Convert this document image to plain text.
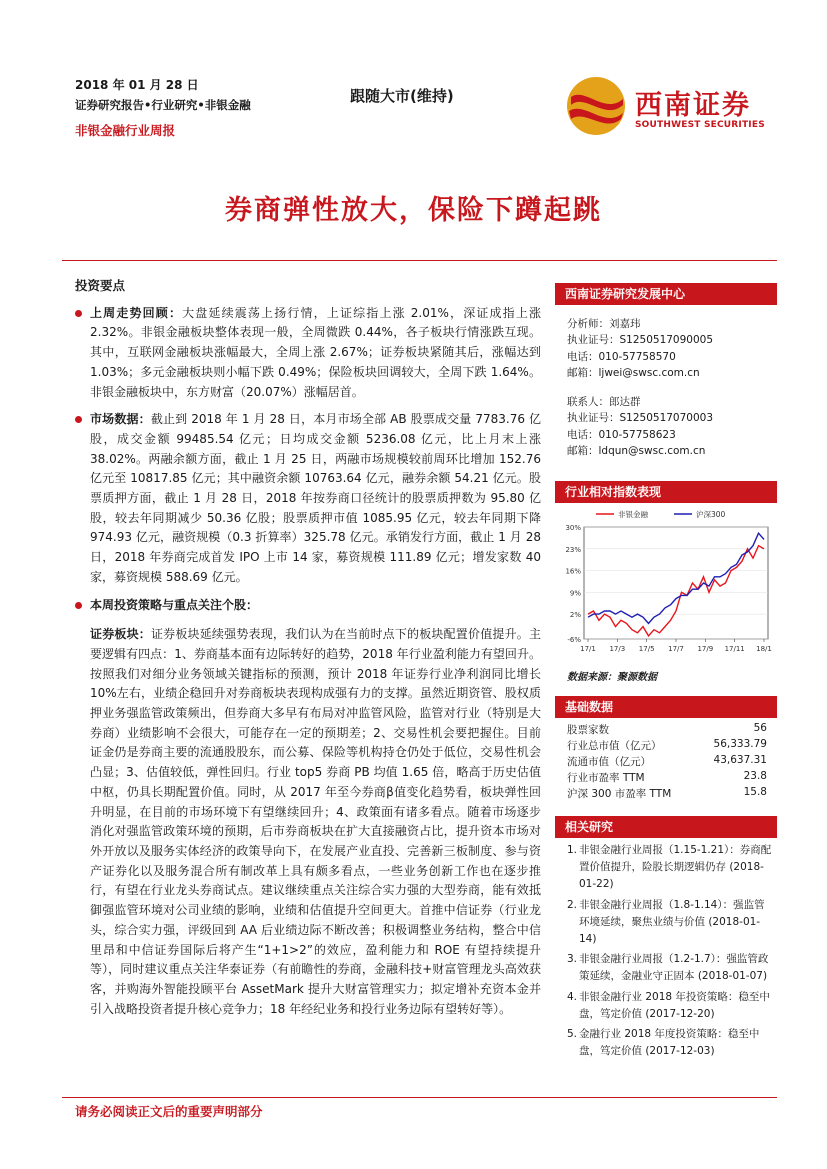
2018 年 01 月 28 日
证券研究报告•行业研究•非银金融
非银金融行业周报
跟随大市(维持)	西南证券
SOUTHWEST SECURITIES
券商弹性放大，保险下蹲起跳
投资要点
上周走势回顾：大盘延续震荡上扬行情，上证综指上涨 2.01%，深证成指上涨 2.32%。非银金融板块整体表现一般，全周微跌 0.44%，各子板块行情涨跌互现。其中，互联网金融板块涨幅最大，全周上涨 2.67%；证券板块紧随其后，涨幅达到 1.03%；多元金融板块则小幅下跌 0.49%；保险板块回调较大，全周下跌 1.64%。非银金融板块中，东方财富（20.07%）涨幅居首。
市场数据：截止到 2018 年 1 月 28 日，本月市场全部 AB 股票成交量 7783.76 亿股，成交金额 99485.54 亿元；日均成交金额 5236.08 亿元，比上月末上涨 38.02%。两融余额方面，截止 1 月 25 日，两融市场规模较前周环比增加 152.76 亿元至 10817.85 亿元；其中融资余额 10763.64 亿元，融券余额 54.21 亿元。股票质押方面，截止 1 月 28 日，2018 年按券商口径统计的股票质押数为 95.80 亿股，较去年同期减少 50.36 亿股；股票质押市值 1085.95 亿元，较去年同期下降 974.93 亿元，融资规模（0.3 折算率）325.78 亿元。承销发行方面，截止 1 月 28 日，2018 年券商完成首发 IPO 上市 14 家，募资规模 111.89 亿元；增发家数 40 家，募资规模 588.69 亿元。
本周投资策略与重点关注个股：
证券板块：证券板块延续强势表现，我们认为在当前时点下的板块配置价值提升。主要逻辑有四点：1、券商基本面有边际转好的趋势，2018 年行业盈利能力有望回升。按照我们对细分业务领域关键指标的预测，预计 2018 年证券行业净利润同比增长 10%左右，业绩企稳回升对券商板块表现构成强有力的支撑。虽然近期资管、股权质押业务强监管政策频出，但券商大多早有布局对冲监管风险，监管对行业（特别是大券商）业绩影响不会很大，可能存在一定的预期差；2、交易性机会要把握住。目前证金仍是券商主要的流通股股东，而公募、保险等机构持仓仍处于低位，交易性机会凸显；3、估值较低，弹性回归。行业 top5 券商 PB 均值 1.65 倍，略高于历史估值中枢，仍具长期配置价值。同时，从 2017 年至今券商β值变化趋势看，板块弹性回升明显，在目前的市场环境下有望继续回升；4、政策面有诸多看点。随着市场逐步消化对强监管政策环境的预期，后市券商板块在扩大直接融资占比，提升资本市场对外开放以及服务实体经济的政策导向下，在发展产业直投、完善新三板制度、参与资产证券化以及服务混合所有制改革上具有颇多看点，一些业务创新工作也在逐步推行，有望在行业龙头券商试点。建议继续重点关注综合实力强的大型券商，能有效抵御强监管环境对公司业绩的影响，业绩和估值提升空间更大。首推中信证券（行业龙头，综合实力强，评级回到 AA 后业绩边际不断改善；积极调整业务结构，整合中信里昂和中信证券国际后将产生“1+1>2”的效应，盈利能力和 ROE 有望持续提升等），同时建议重点关注华泰证券（有前瞻性的券商，金融科技+财富管理龙头高效获客，并购海外智能投顾平台 AssetMark 提升大财富管理实力；拟定增补充资本金并引入战略投资者提升核心竞争力；18 年经纪业务和投行业务边际有望转好等）。
西南证券研究发展中心
分析师：刘嘉玮
执业证号：S1250517090005
电话：010-57758570
邮箱：ljwei@swsc.com.cn
联系人：郎达群
执业证号：S1250517070003
电话：010-57758623
邮箱：ldqun@swsc.com.cn
行业相对指数表现
30%
23%
16%
9%
2%
-6%
17/1 17/3 17/5 17/7 17/9 17/11 18/1
非银金融	沪深300
数据来源：聚源数据
基础数据
股票家数	56
行业总市值（亿元）	56,333.79
流通市值（亿元）	43,637.31
行业市盈率 TTM	23.8
沪深 300 市盈率 TTM	15.8
相关研究
1. 非银金融行业周报（1.15-1.21）：券商配置价值提升，险股长期逻辑仍存 (2018-01-22)
2. 非银金融行业周报（1.8-1.14）：强监管环境延续，聚焦业绩与价值 (2018-01-14)
3. 非银金融行业周报（1.2-1.7）：强监管政策延续，金融业守正固本 (2018-01-07)
4. 非银金融行业 2018 年投资策略：稳至中盘，笃定价值 (2017-12-20)
5. 金融行业 2018 年度投资策略：稳至中盘，笃定价值 (2017-12-03)
请务必阅读正文后的重要声明部分
